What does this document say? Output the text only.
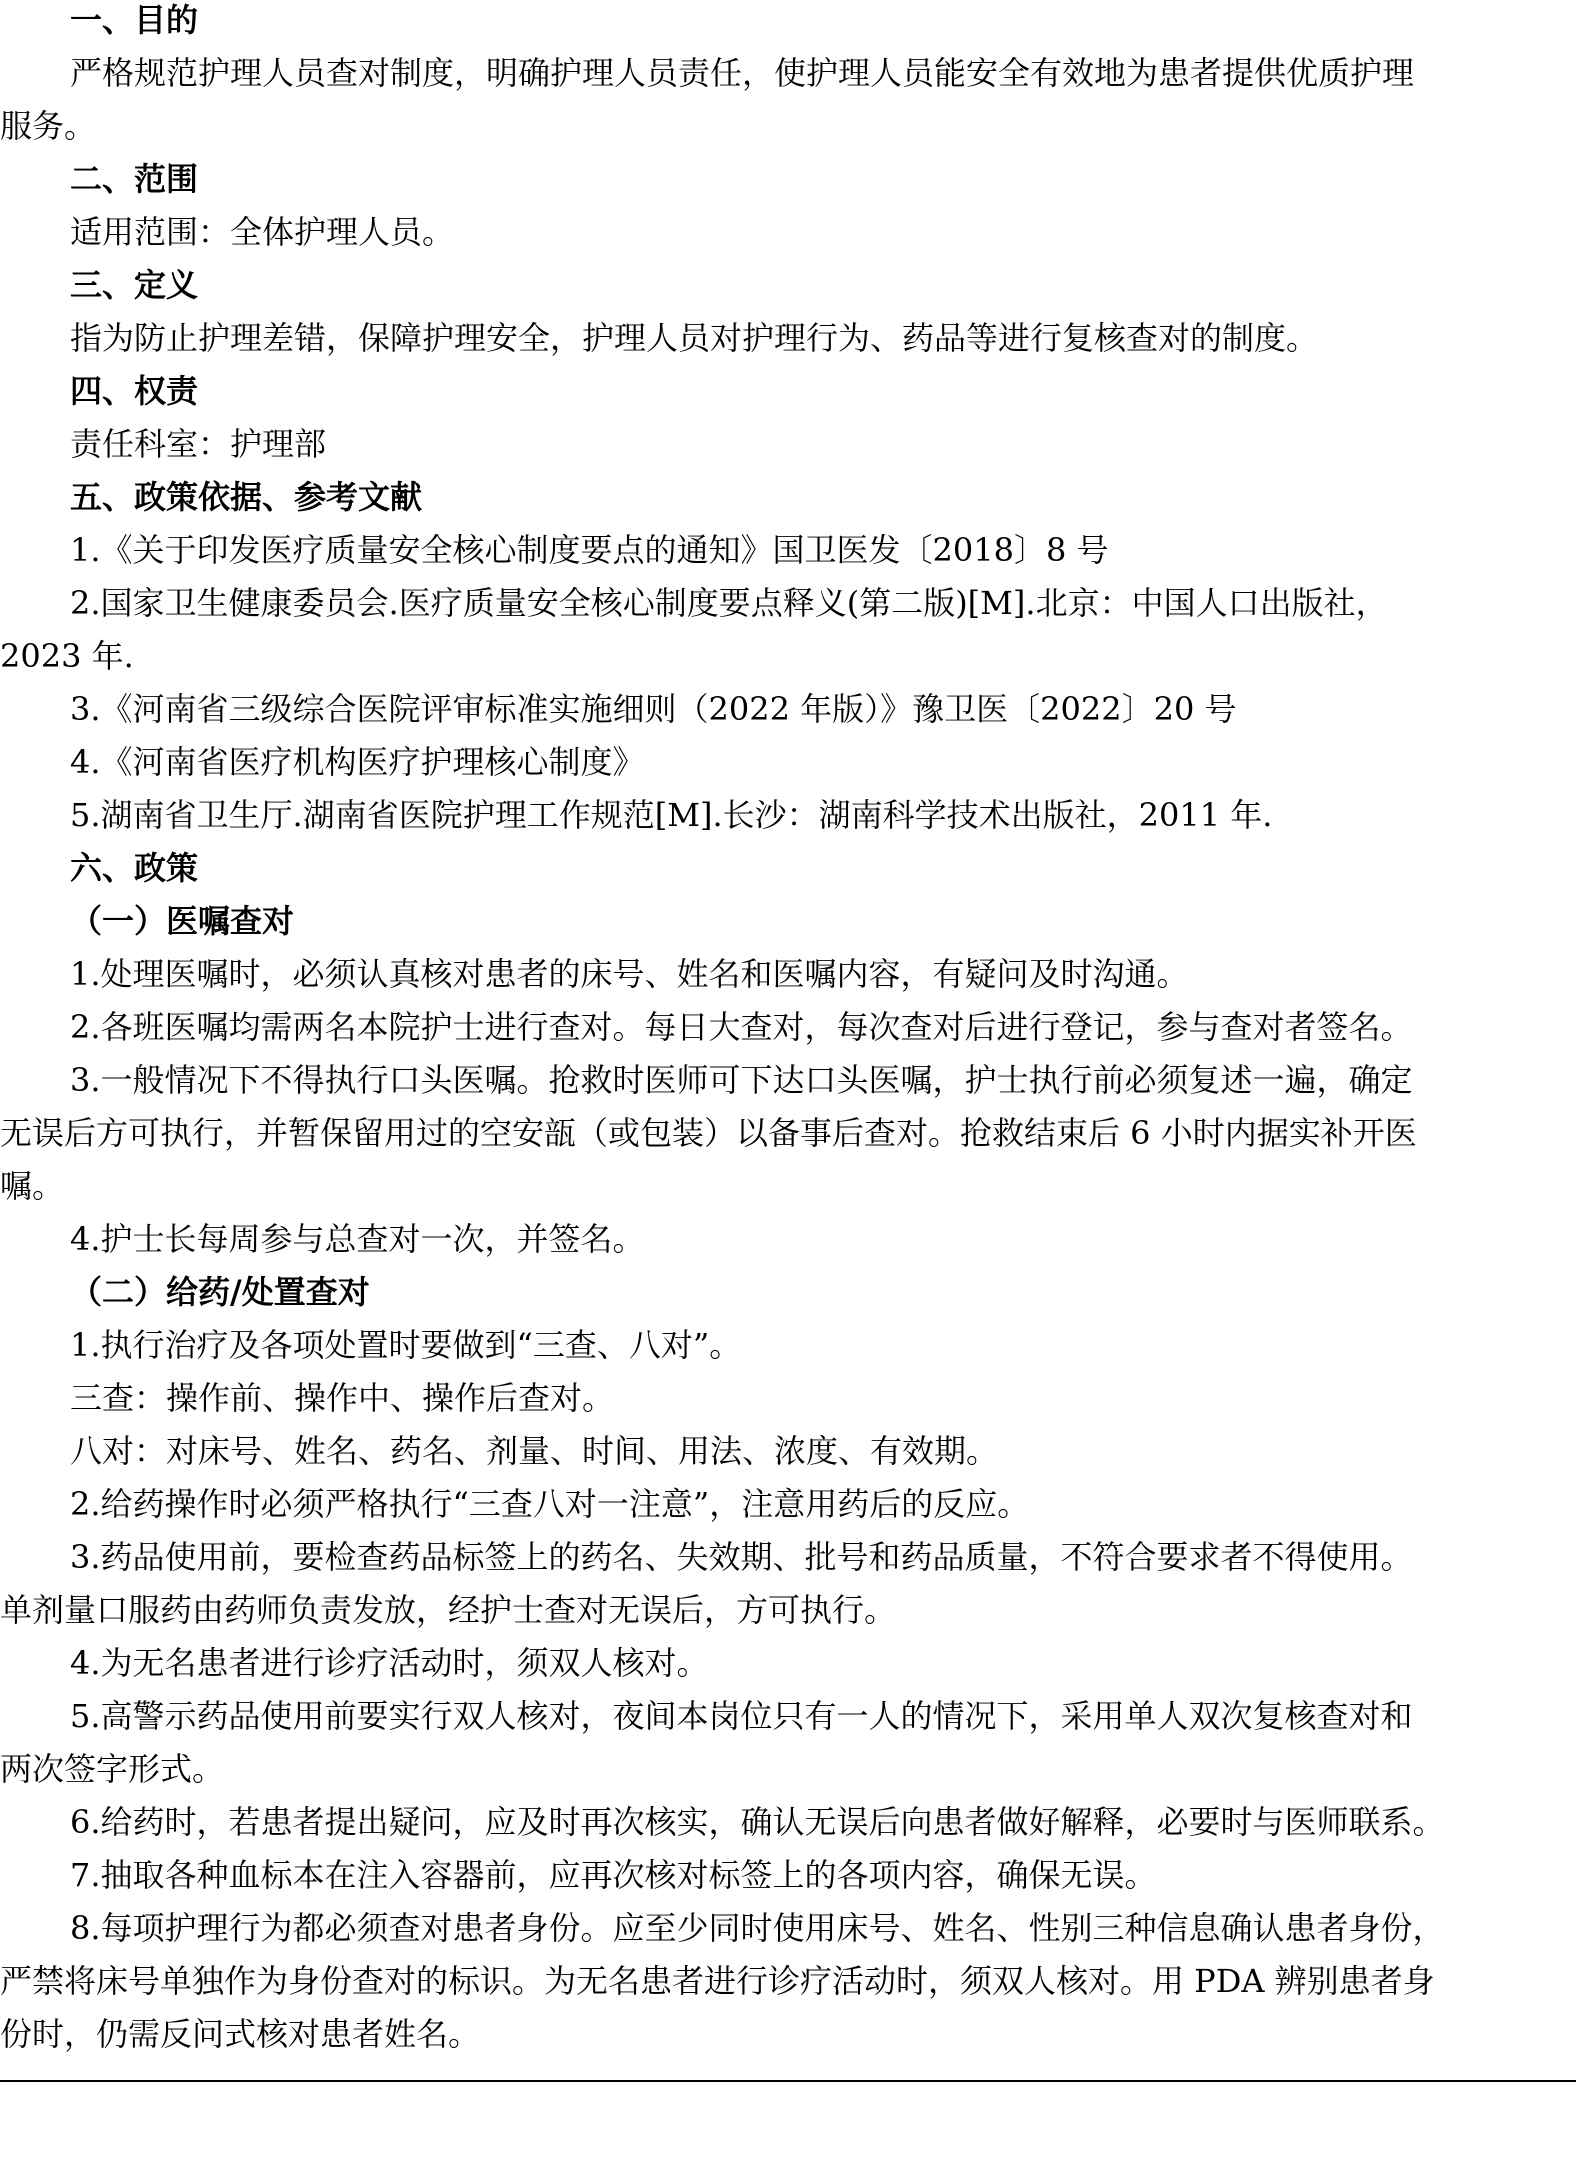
一、目的
严格规范护理人员查对制度，明确护理人员责任，使护理人员能安全有效地为患者提供优质护理
服务。
二、范围
适用范围：全体护理人员。
三、定义
指为防止护理差错，保障护理安全，护理人员对护理行为、药品等进行复核查对的制度。
四、权责
责任科室：护理部
五、政策依据、参考文献
1.《关于印发医疗质量安全核心制度要点的通知》国卫医发〔2018〕8 号
2.国家卫生健康委员会.医疗质量安全核心制度要点释义(第二版)[M].北京：中国人口出版社，
2023 年.
3.《河南省三级综合医院评审标准实施细则（2022 年版）》豫卫医〔2022〕20 号
4.《河南省医疗机构医疗护理核心制度》
5.湖南省卫生厅.湖南省医院护理工作规范[M].长沙：湖南科学技术出版社，2011 年.
六、政策
（一）医嘱查对
1.处理医嘱时，必须认真核对患者的床号、姓名和医嘱内容，有疑问及时沟通。
2.各班医嘱均需两名本院护士进行查对。每日大查对，每次查对后进行登记，参与查对者签名。
3.一般情况下不得执行口头医嘱。抢救时医师可下达口头医嘱，护士执行前必须复述一遍，确定
无误后方可执行，并暂保留用过的空安瓿（或包装）以备事后查对。抢救结束后 6 小时内据实补开医
嘱。
4.护士长每周参与总查对一次，并签名。
（二）给药/处置查对
1.执行治疗及各项处置时要做到“三查、八对”。
三查：操作前、操作中、操作后查对。
八对：对床号、姓名、药名、剂量、时间、用法、浓度、有效期。
2.给药操作时必须严格执行“三查八对一注意”，注意用药后的反应。
3.药品使用前，要检查药品标签上的药名、失效期、批号和药品质量，不符合要求者不得使用。
单剂量口服药由药师负责发放，经护士查对无误后，方可执行。
4.为无名患者进行诊疗活动时，须双人核对。
5.高警示药品使用前要实行双人核对，夜间本岗位只有一人的情况下，采用单人双次复核查对和
两次签字形式。
6.给药时，若患者提出疑问，应及时再次核实，确认无误后向患者做好解释，必要时与医师联系。
7.抽取各种血标本在注入容器前，应再次核对标签上的各项内容，确保无误。
8.每项护理行为都必须查对患者身份。应至少同时使用床号、姓名、性别三种信息确认患者身份，
严禁将床号单独作为身份查对的标识。为无名患者进行诊疗活动时，须双人核对。用 PDA 辨别患者身
份时，仍需反问式核对患者姓名。
